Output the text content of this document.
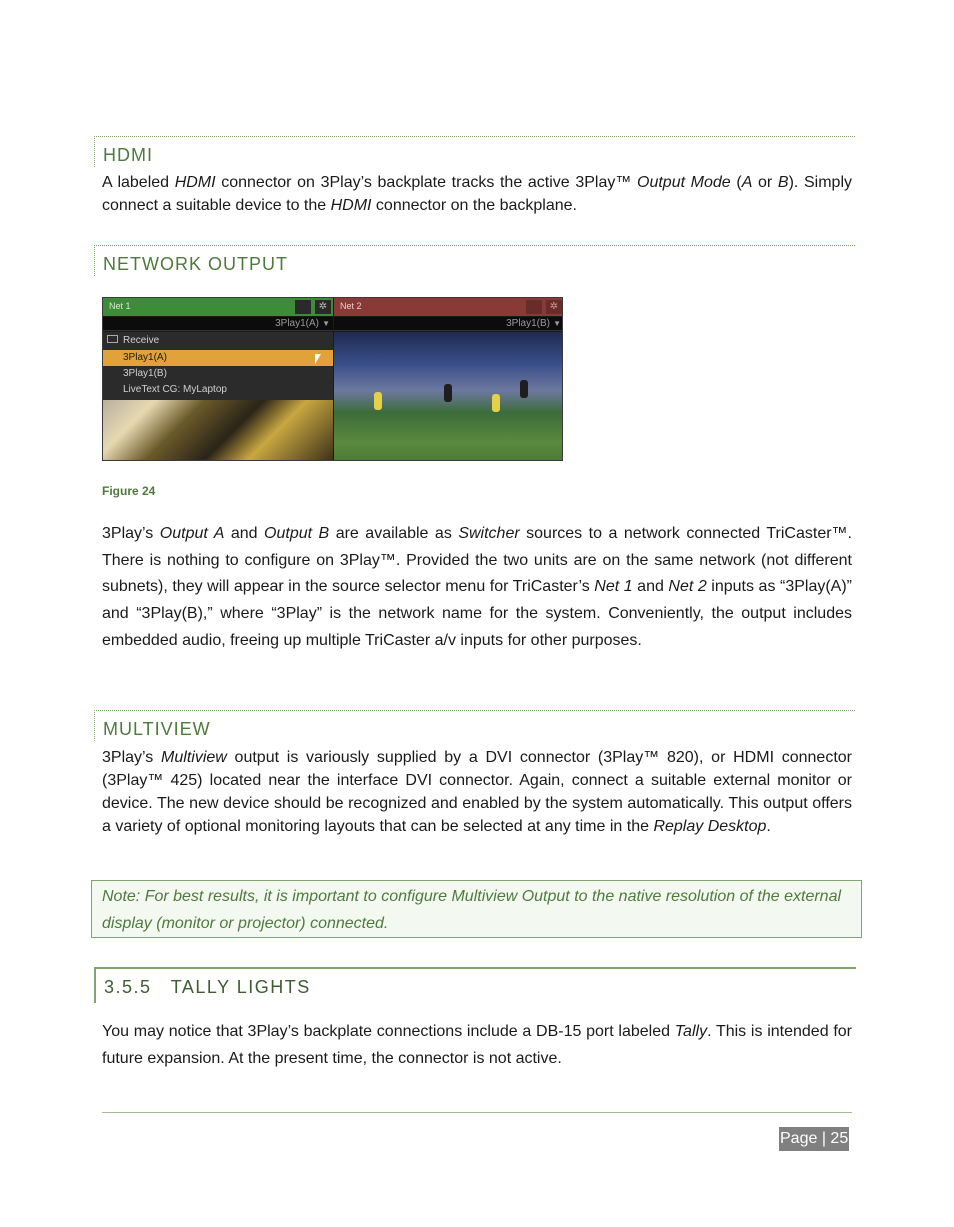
HDMI
A labeled HDMI connector on 3Play’s backplate tracks the active 3Play™ Output Mode (A or B). Simply connect a suitable device to the HDMI connector on the backplane.
NETWORK OUTPUT
Net 1	✲	Net 2	✲
3Play1(A) ▼	3Play1(B) ▼
Receive
3Play1(A)
3Play1(B)
LiveText CG: MyLaptop
Figure 24
3Play’s Output A and Output B are available as Switcher sources to a network connected TriCaster™. There is nothing to configure on 3Play™. Provided the two units are on the same network (not different subnets), they will appear in the source selector menu for TriCaster’s Net 1 and Net 2 inputs as “3Play(A)” and “3Play(B),” where “3Play” is the network name for the system. Conveniently, the output includes embedded audio, freeing up multiple TriCaster a/v inputs for other purposes.
MULTIVIEW
3Play’s Multiview output is variously supplied by a DVI connector (3Play™ 820), or HDMI connector (3Play™ 425) located near the interface DVI connector. Again, connect a suitable external monitor or device. The new device should be recognized and enabled by the system automatically. This output offers a variety of optional monitoring layouts that can be selected at any time in the Replay Desktop.
Note: For best results, it is important to configure Multiview Output to the native resolution of the external display (monitor or projector) connected.
3.5.5   TALLY LIGHTS
You may notice that 3Play’s backplate connections include a DB-15 port labeled Tally. This is intended for future expansion. At the present time, the connector is not active.
Page | 25
